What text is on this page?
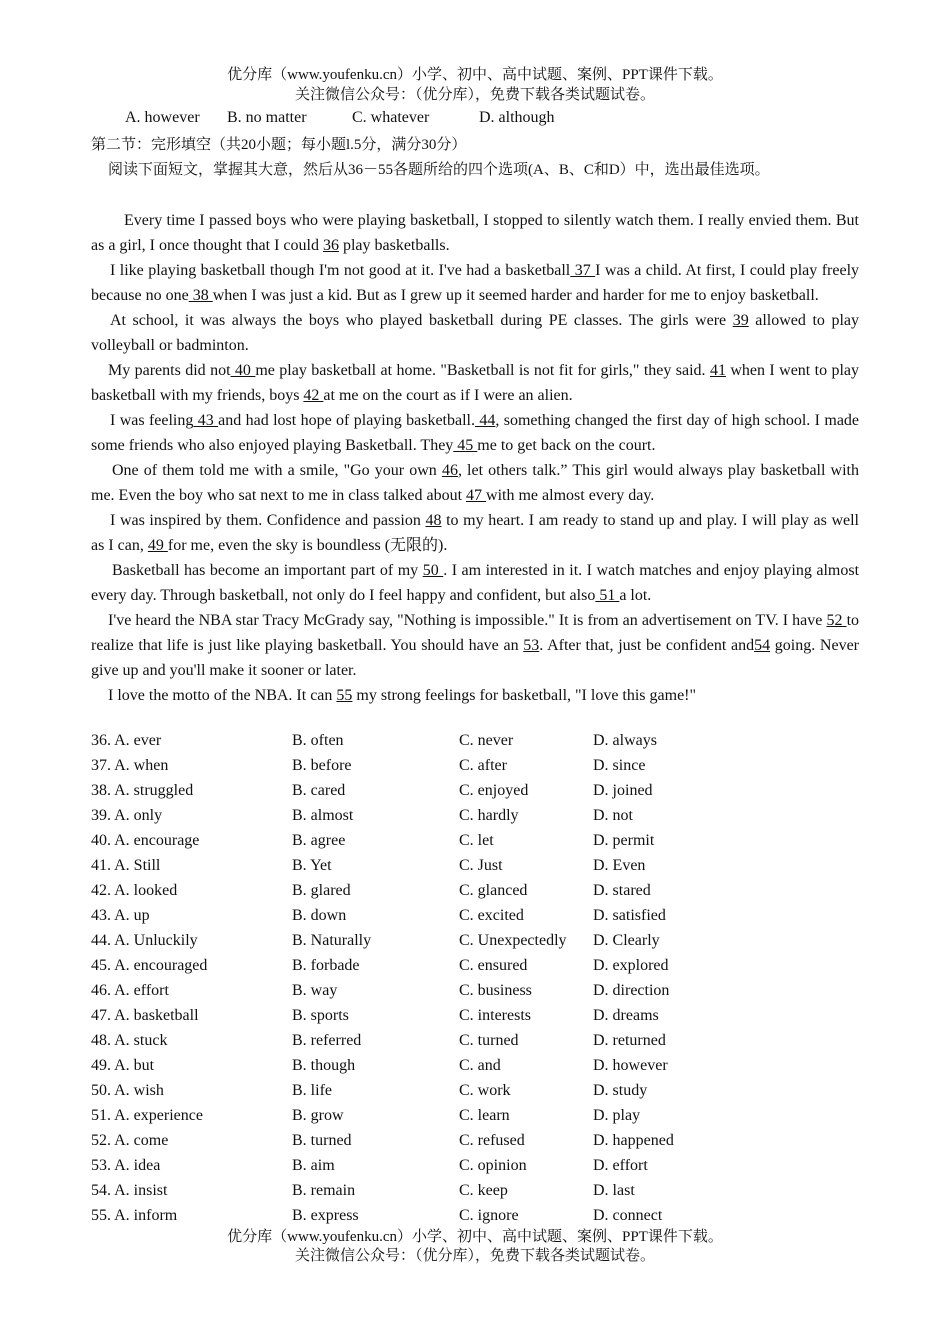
优分库（www.youfenku.cn）小学、初中、高中试题、案例、PPT课件下载。
关注微信公众号：（优分库），免费下载各类试题试卷。
A. however B. no matter	C. whatever	D. although
第二节：完形填空（共20小题；每小题l.5分，满分30分）
阅读下面短文，掌握其大意，然后从36－55各题所给的四个选项(A、B、C和D）中，选出最佳选项。

Every time I passed boys who were playing basketball, I stopped to silently watch them. I really envied them. But as a girl, I once thought that I could 36 play basketballs.

I like playing basketball though I'm not good at it. I've had a basketball 37 I was a child. At first, I could play freely because no one 38 when I was just a kid. But as I grew up it seemed harder and harder for me to enjoy basketball.

At school, it was always the boys who played basketball during PE classes. The girls were 39 allowed to play volleyball or badminton.

My parents did not 40 me play basketball at home. "Basketball is not fit for girls," they said. 41 when I went to play basketball with my friends, boys 42 at me on the court as if I were an alien.

I was feeling 43 and had lost hope of playing basketball. 44, something changed the first day of high school. I made some friends who also enjoyed playing Basketball. They 45 me to get back on the court.

One of them told me with a smile, "Go your own 46, let others talk.” This girl would always play basketball with me. Even the boy who sat next to me in class talked about 47 with me almost every day.

I was inspired by them. Confidence and passion 48 to my heart. I am ready to stand up and play. I will play as well as I can, 49 for me, even the sky is boundless (无限的).

Basketball has become an important part of my 50 . I am interested in it. I watch matches and enjoy playing almost every day. Through basketball, not only do I feel happy and confident, but also 51 a lot.

I've heard the NBA star Tracy McGrady say, "Nothing is impossible." It is from an advertisement on TV. I have 52 to realize that life is just like playing basketball. You should have an 53. After that, just be confident and54 going. Never give up and you'll make it sooner or later.

I love the motto of the NBA. It can 55 my strong feelings for basketball, "I love this game!"

36. A. ever	B. often	C. never	D. always
37. A. when	B. before	C. after	D. since
38. A. struggled	B. cared	C. enjoyed	D. joined
39. A. only	B. almost	C. hardly	D. not
40. A. encourage	B. agree	C. let	D. permit
41. A. Still	B. Yet	C. Just	D. Even
42. A. looked	B. glared	C. glanced	D. stared
43. A. up	B. down	C. excited	D. satisfied
44. A. Unluckily	B. Naturally	C. Unexpectedly D. Clearly
45. A. encouraged	B. forbade	C. ensured	D. explored
46. A. effort	B. way	C. business	D. direction
47. A. basketball	B. sports	C. interests	D. dreams
48. A. stuck	B. referred	C. turned	D. returned
49. A. but	B. though	C. and	D. however
50. A. wish	B. life	C. work	D. study
51. A. experience	B. grow	C. learn	D. play
52. A. come	B. turned	C. refused	D. happened
53. A. idea	B. aim	C. opinion	D. effort
54. A. insist	B. remain	C. keep	D. last
55. A. inform	B. express	C. ignore	D. connect
优分库（www.youfenku.cn）小学、初中、高中试题、案例、PPT课件下载。
关注微信公众号：（优分库），免费下载各类试题试卷。
